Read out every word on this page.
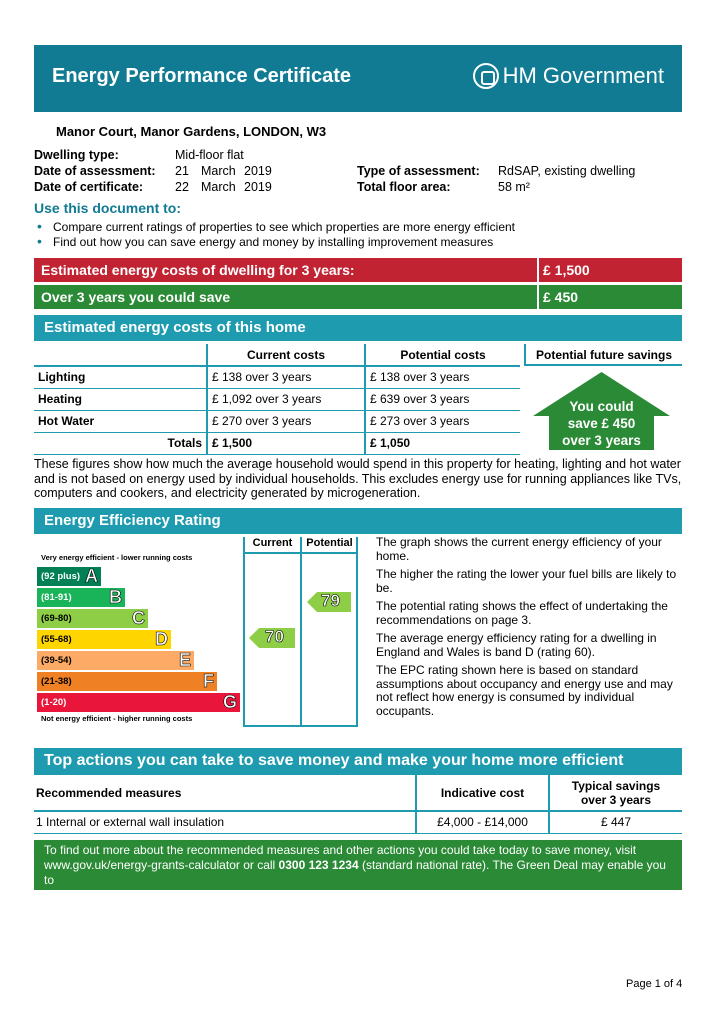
Energy Performance Certificate	HM Government
Manor Court, Manor Gardens, LONDON, W3
Dwelling type:	Mid-floor flat
Date of assessment: 21 March 2019
Date of certificate:	22 March 2019
Type of assessment: RdSAP, existing dwelling
Total floor area:	58 m²
Use this document to:
• Compare current ratings of properties to see which properties are more energy efficient
• Find out how you can save energy and money by installing improvement measures
Estimated energy costs of dwelling for 3 years:	£ 1,500
Over 3 years you could save	£ 450
Estimated energy costs of this home
	Current costs	Potential costs
Lighting	£ 138 over 3 years	£ 138 over 3 years
Heating	£ 1,092 over 3 years	£ 639 over 3 years
Hot Water	£ 270 over 3 years	£ 273 over 3 years
Totals	£ 1,500	£ 1,050
Potential future savings
You could
save £ 450
over 3 years
These figures show how much the average household would spend in this property for heating, lighting and hot water and is not based on energy used by individual households. This excludes energy use for running appliances like TVs, computers and cookers, and electricity generated by microgeneration.
Energy Efficiency Rating
Very energy efficient - lower running costs
Not energy efficient - higher running costs
(92 plus) A
(81-91) B
(69-80)	C
(55-68)	D
(39-54)	E
(21-38)	F
(1-20)	G
Current	Potential
70
79

The graph shows the current energy efficiency of your home.

The higher the rating the lower your fuel bills are likely to be.

The potential rating shows the effect of undertaking the recommendations on page 3.

The average energy efficiency rating for a dwelling in England and Wales is band D (rating 60).

The EPC rating shown here is based on standard assumptions about occupancy and energy use and may not reflect how energy is consumed by individual occupants.

Top actions you can take to save money and make your home more efficient
Recommended measures	Indicative cost	Typical savings
over 3 years

1 Internal or external wall insulation	£4,000 - £14,000	£ 447
To find out more about the recommended measures and other actions you could take today to save money, visit
www.gov.uk/energy-grants-calculator or call 0300 123 1234 (standard national rate). The Green Deal may enable you to
make your home warmer and cheaper to run.
Page 1 of 4
